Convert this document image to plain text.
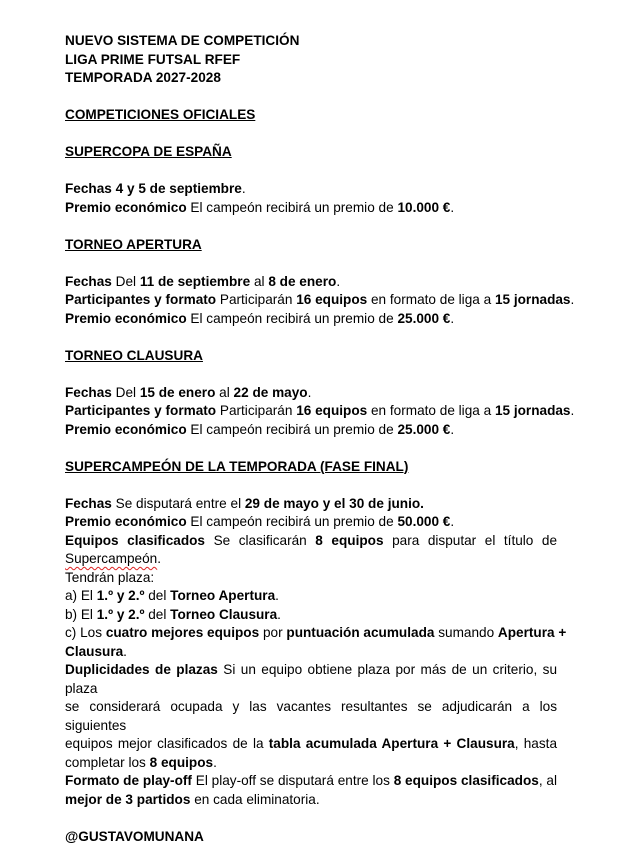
NUEVO SISTEMA DE COMPETICIÓN
LIGA PRIME FUTSAL RFEF
TEMPORADA 2027-2028
COMPETICIONES OFICIALES
SUPERCOPA DE ESPAÑA
Fechas 4 y 5 de septiembre.
Premio económico El campeón recibirá un premio de 10.000 €.
TORNEO APERTURA
Fechas Del 11 de septiembre al 8 de enero.
Participantes y formato Participarán 16 equipos en formato de liga a 15 jornadas.
Premio económico El campeón recibirá un premio de 25.000 €.
TORNEO CLAUSURA
Fechas Del 15 de enero al 22 de mayo.
Participantes y formato Participarán 16 equipos en formato de liga a 15 jornadas.
Premio económico El campeón recibirá un premio de 25.000 €.
SUPERCAMPEÓN DE LA TEMPORADA (FASE FINAL)
Fechas Se disputará entre el 29 de mayo y el 30 de junio.
Premio económico El campeón recibirá un premio de 50.000 €.
Equipos clasificados Se clasificarán 8 equipos para disputar el título de
Supercampeón.
Tendrán plaza:
a) El 1.º y 2.º del Torneo Apertura.
b) El 1.º y 2.º del Torneo Clausura.
c) Los cuatro mejores equipos por puntuación acumulada sumando Apertura +
Clausura.
Duplicidades de plazas Si un equipo obtiene plaza por más de un criterio, su plaza
se considerará ocupada y las vacantes resultantes se adjudicarán a los siguientes
equipos mejor clasificados de la tabla acumulada Apertura + Clausura, hasta
completar los 8 equipos.
Formato de play-off El play-off se disputará entre los 8 equipos clasificados, al
mejor de 3 partidos en cada eliminatoria.
@GUSTAVOMUNANA
